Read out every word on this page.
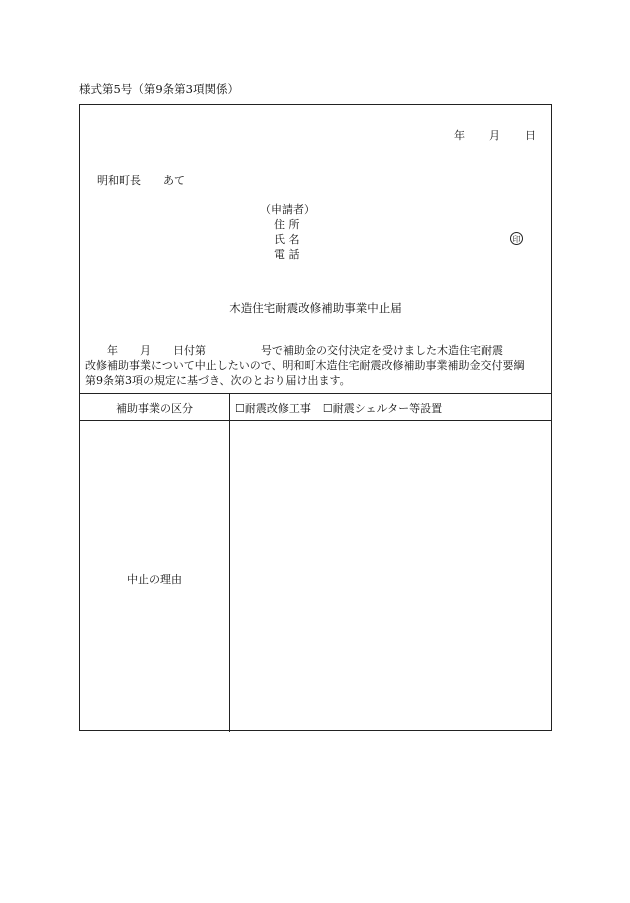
様式第5号（第9条第3項関係）
年 月 日
明和町長　　あて
（申請者）
住 所
氏 名
電 話
印
木造住宅耐震改修補助事業中止届
　　年　　月　　日付第　　　　　号で補助金の交付決定を受けました木造住宅耐震
改修補助事業について中止したいので、明和町木造住宅耐震改修補助事業補助金交付要綱
第9条第3項の規定に基づき、次のとおり届け出ます。
補助事業の区分	☐耐震改修工事 ☐耐震シェルター等設置
中止の理由
